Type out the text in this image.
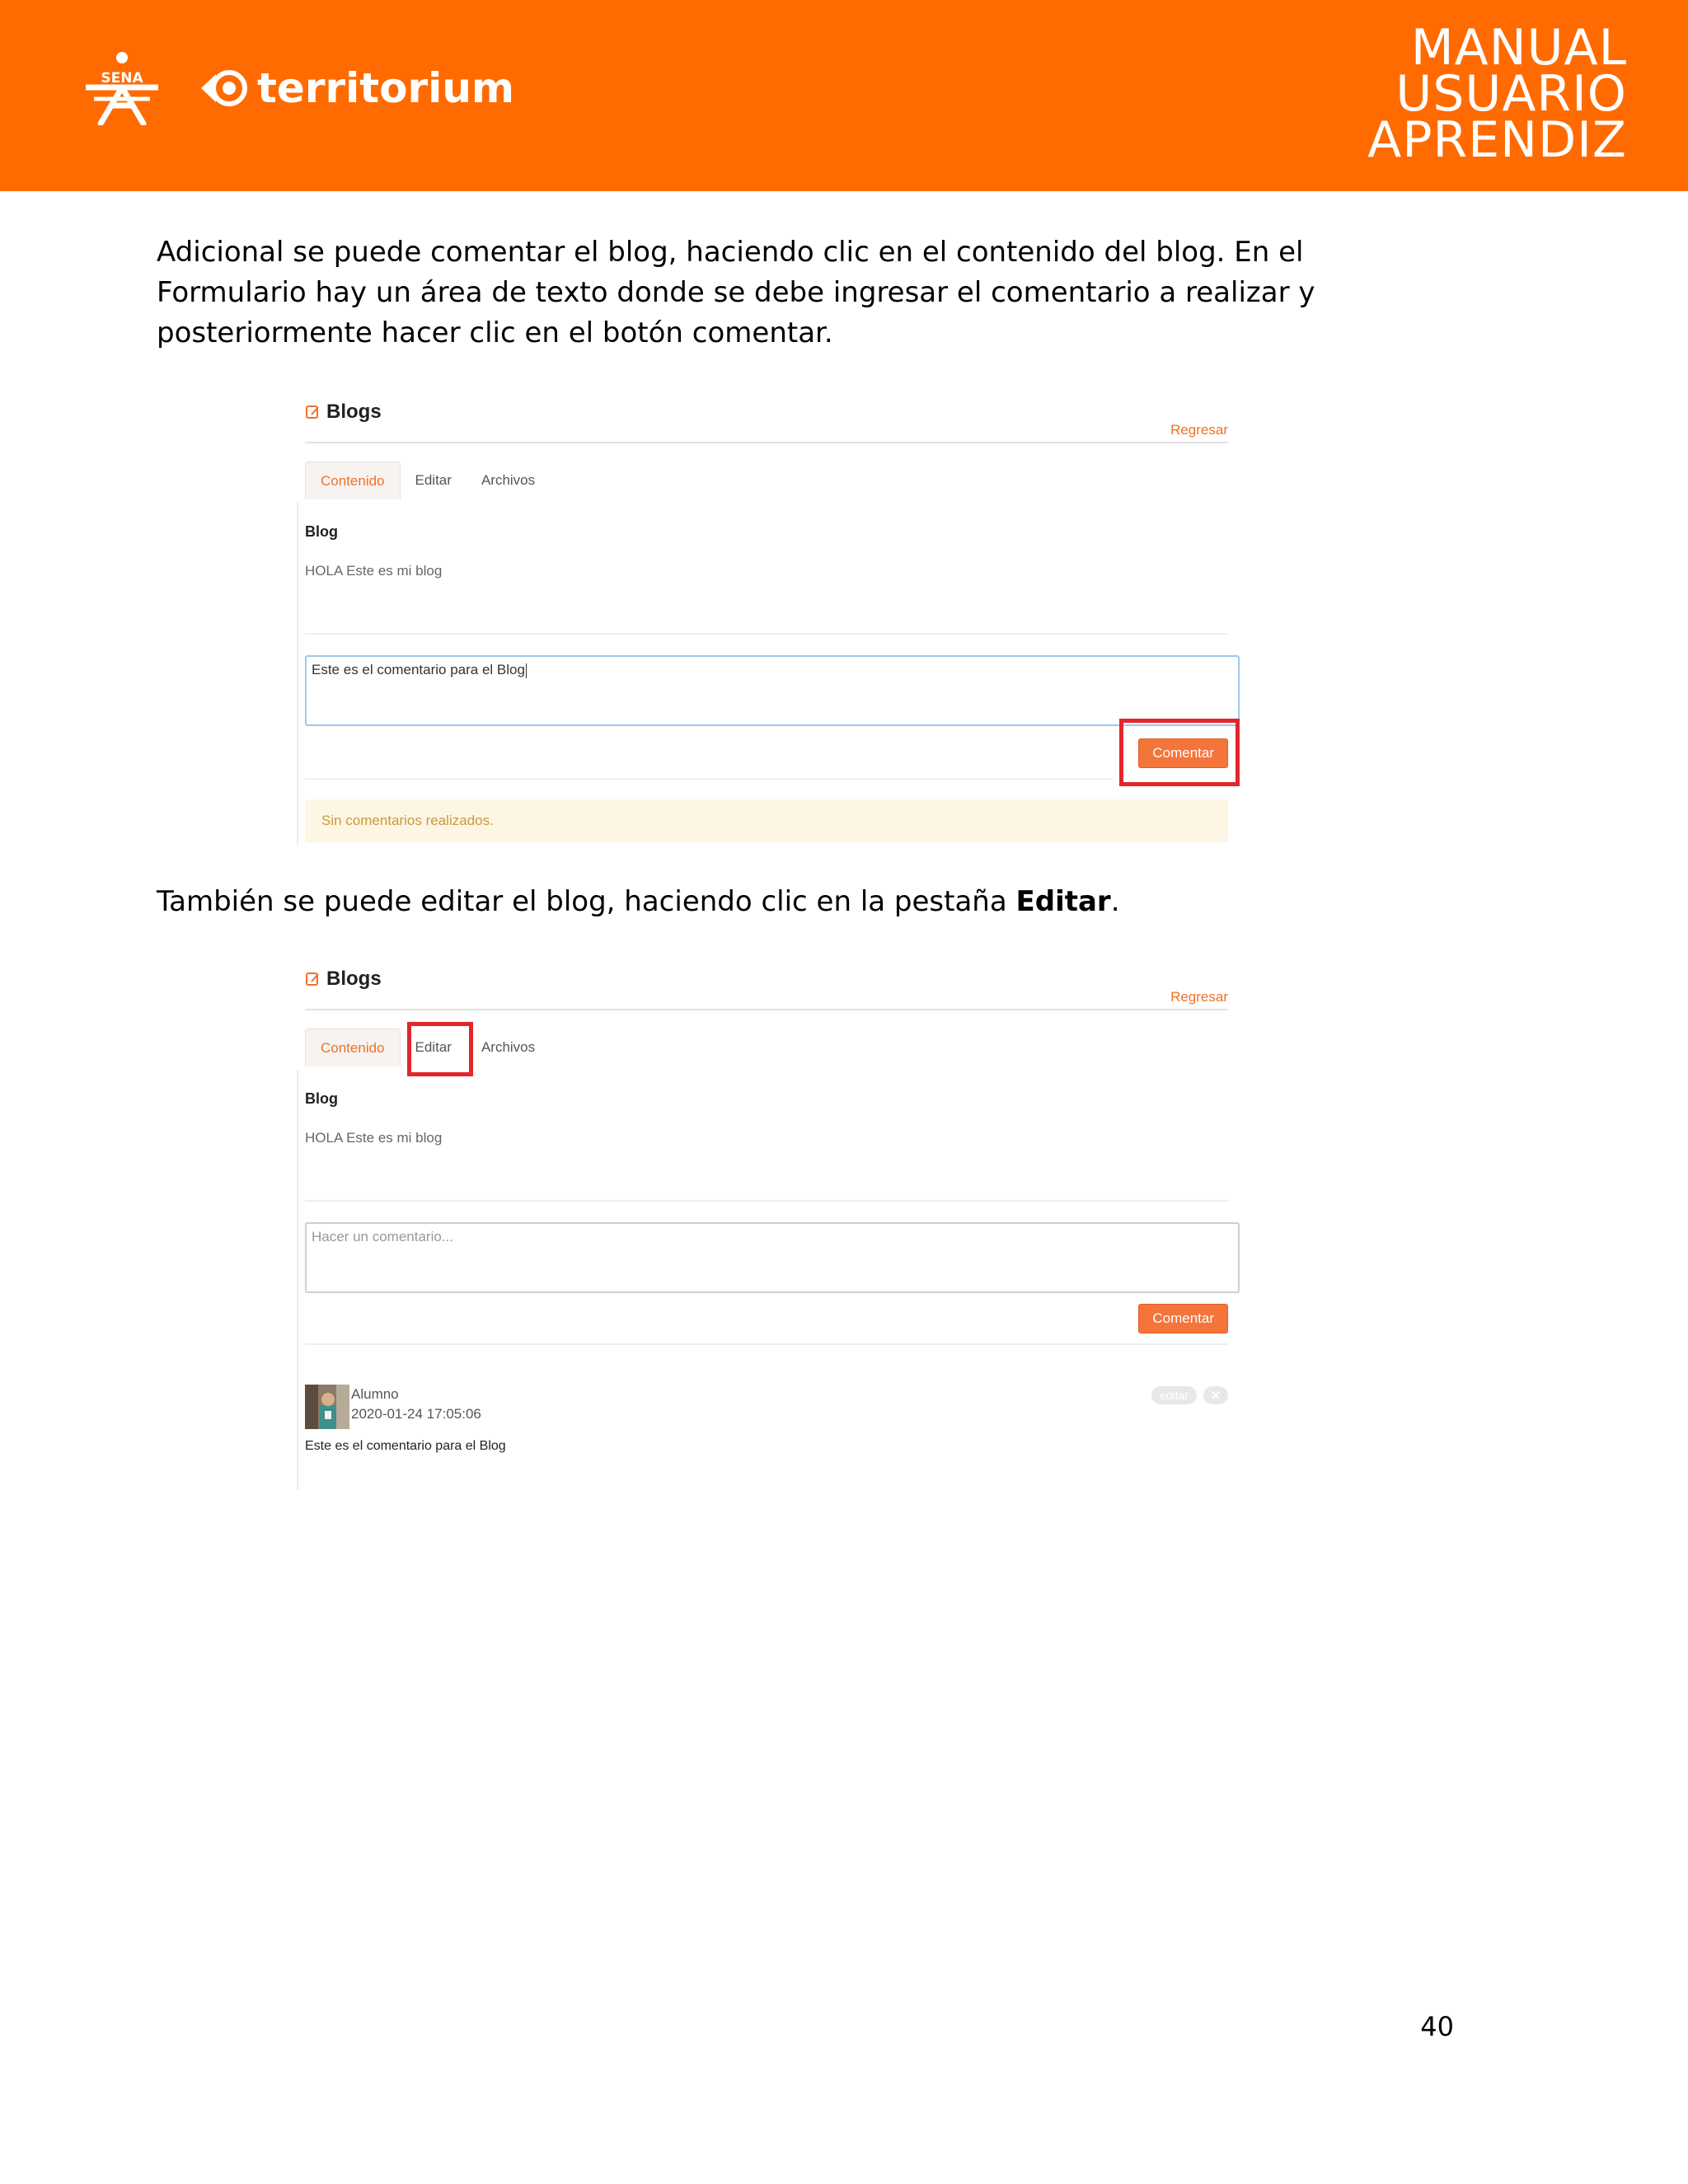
SENA	territorium
MANUAL
USUARIO
APRENDIZ
Adicional se puede comentar el blog, haciendo clic en el contenido del blog. En el Formulario hay un área de texto donde se debe ingresar el comentario a realizar y posteriormente hacer clic en el botón comentar.
Blogs
Regresar
Contenido	Editar	Archivos
Blog
HOLA Este es mi blog
Este es el comentario para el Blog
Comentar
Sin comentarios realizados.
También se puede editar el blog, haciendo clic en la pestaña Editar.
Blogs
Regresar
Contenido	Editar	Archivos
Blog
HOLA Este es mi blog
Hacer un comentario...
Comentar
Alumno
2020-01-24 17:05:06
Este es el comentario para el Blog
editar
40
